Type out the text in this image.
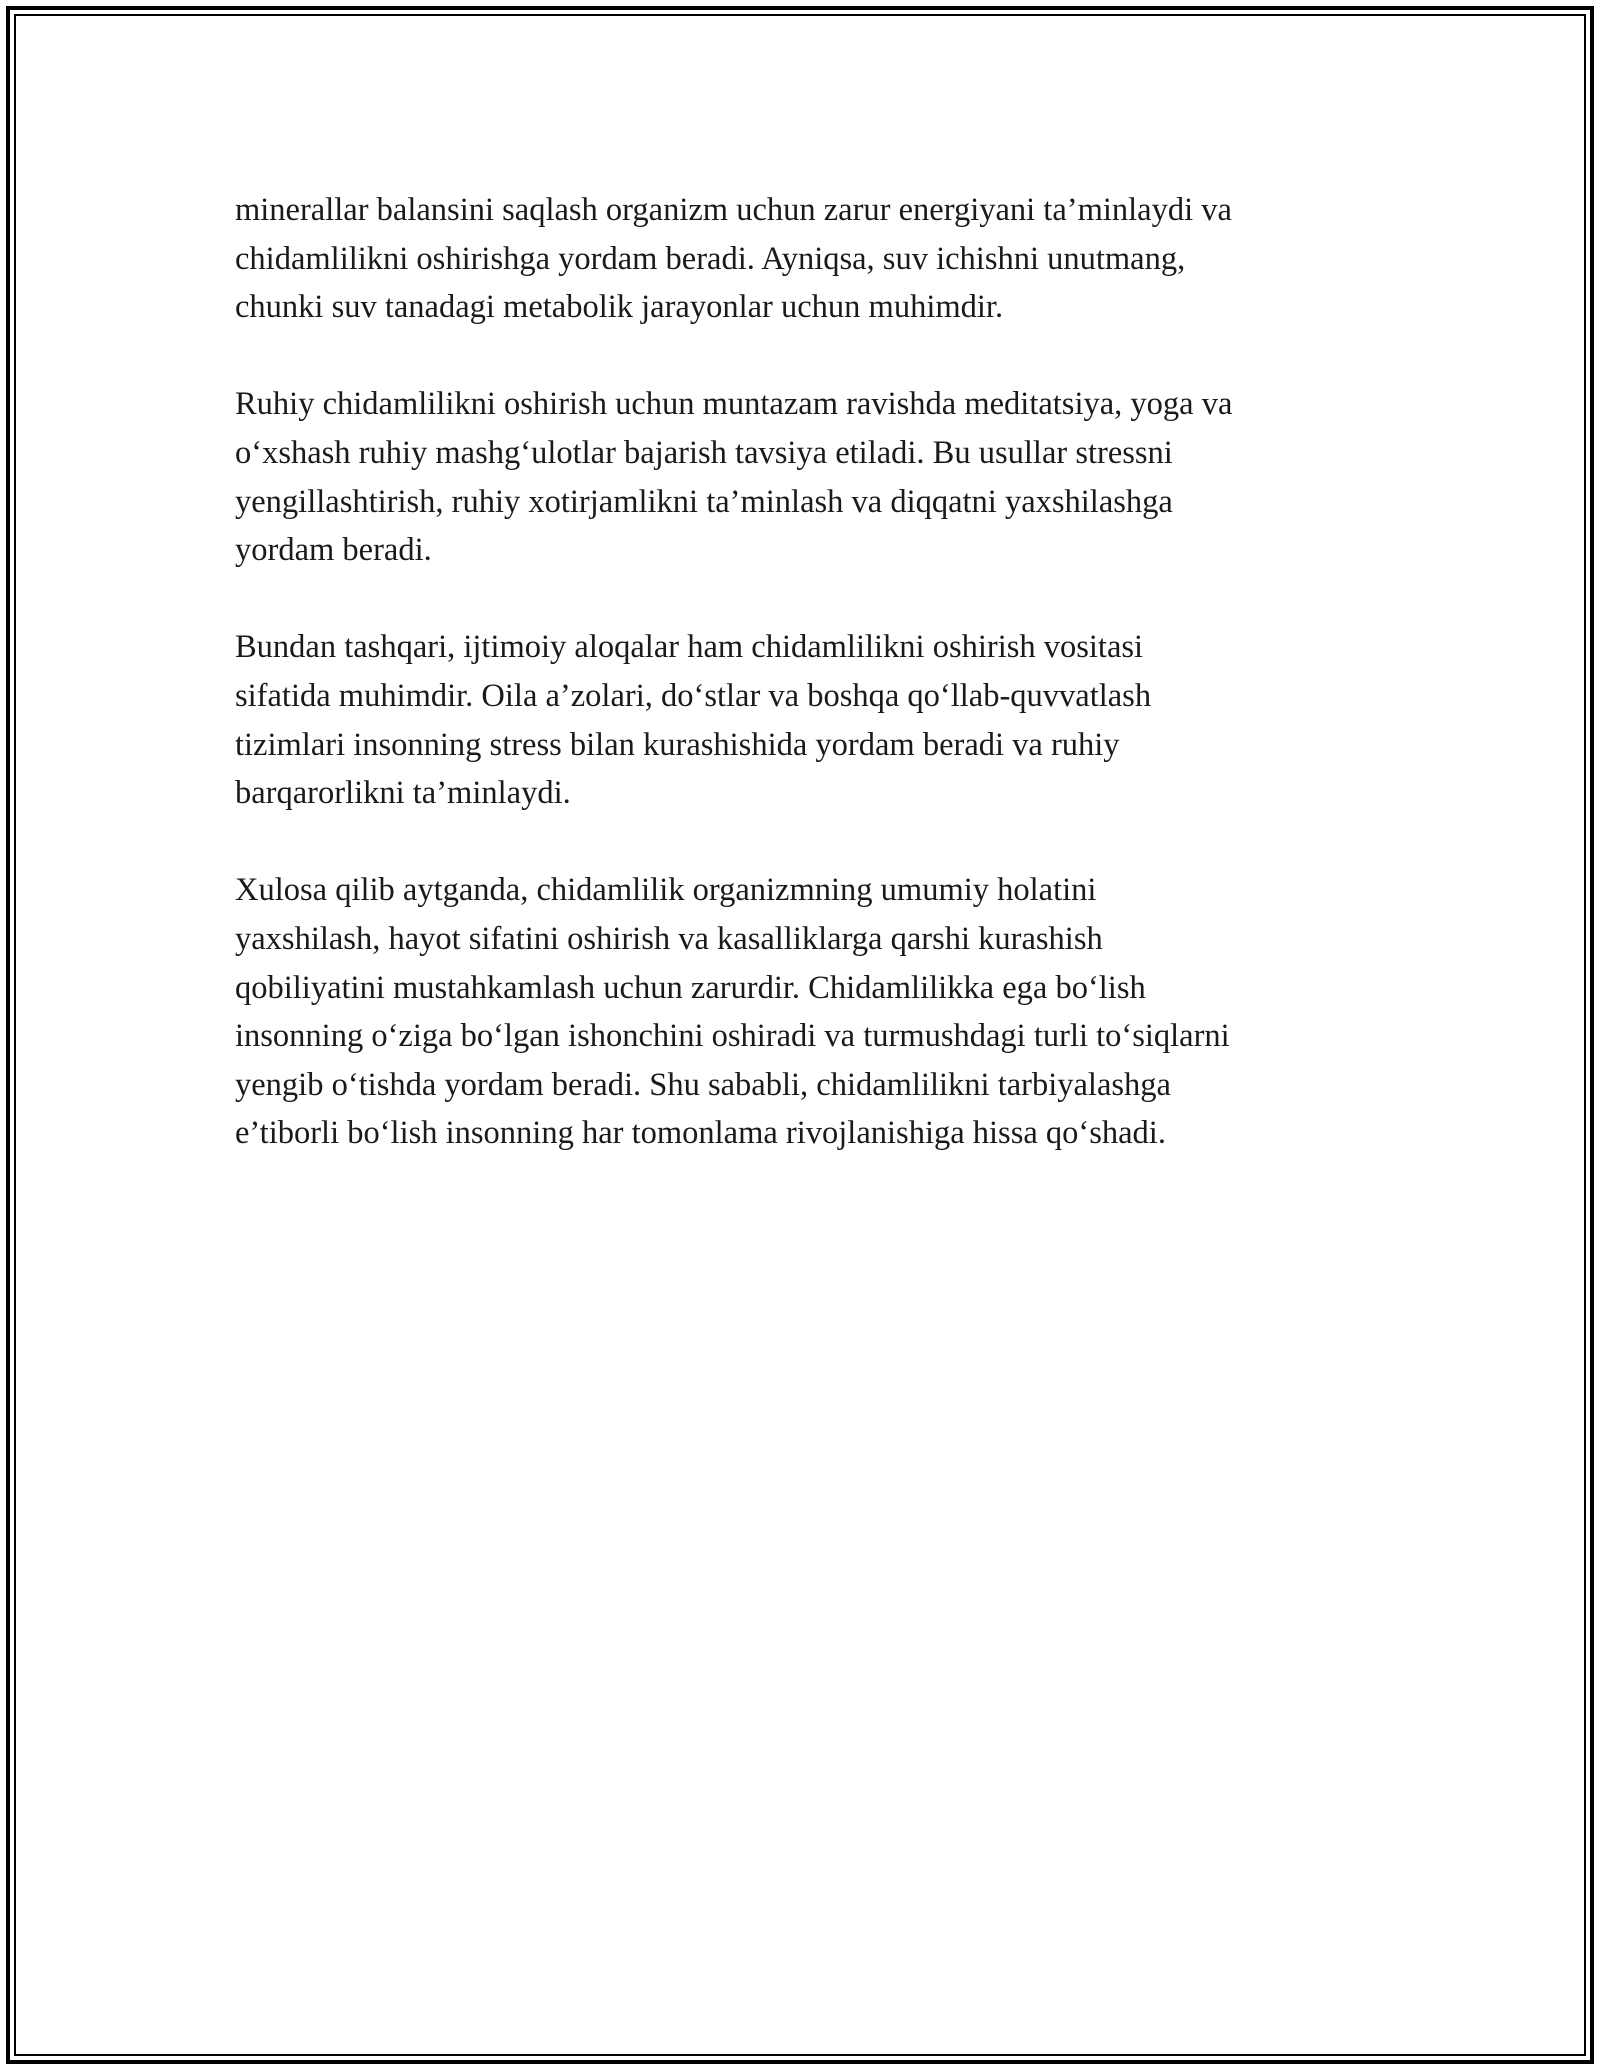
minerallar balansini saqlash organizm uchun zarur energiyani ta’minlaydi va
chidamlilikni oshirishga yordam beradi. Ayniqsa, suv ichishni unutmang,
chunki suv tanadagi metabolik jarayonlar uchun muhimdir.

Ruhiy chidamlilikni oshirish uchun muntazam ravishda meditatsiya, yoga va
o‘xshash ruhiy mashg‘ulotlar bajarish tavsiya etiladi. Bu usullar stressni
yengillashtirish, ruhiy xotirjamlikni ta’minlash va diqqatni yaxshilashga
yordam beradi.

Bundan tashqari, ijtimoiy aloqalar ham chidamlilikni oshirish vositasi
sifatida muhimdir. Oila a’zolari, do‘stlar va boshqa qo‘llab-quvvatlash
tizimlari insonning stress bilan kurashishida yordam beradi va ruhiy
barqarorlikni ta’minlaydi.

Xulosa qilib aytganda, chidamlilik organizmning umumiy holatini
yaxshilash, hayot sifatini oshirish va kasalliklarga qarshi kurashish
qobiliyatini mustahkamlash uchun zarurdir. Chidamlilikka ega bo‘lish
insonning o‘ziga bo‘lgan ishonchini oshiradi va turmushdagi turli to‘siqlarni
yengib o‘tishda yordam beradi. Shu sababli, chidamlilikni tarbiyalashga
e’tiborli bo‘lish insonning har tomonlama rivojlanishiga hissa qo‘shadi.
